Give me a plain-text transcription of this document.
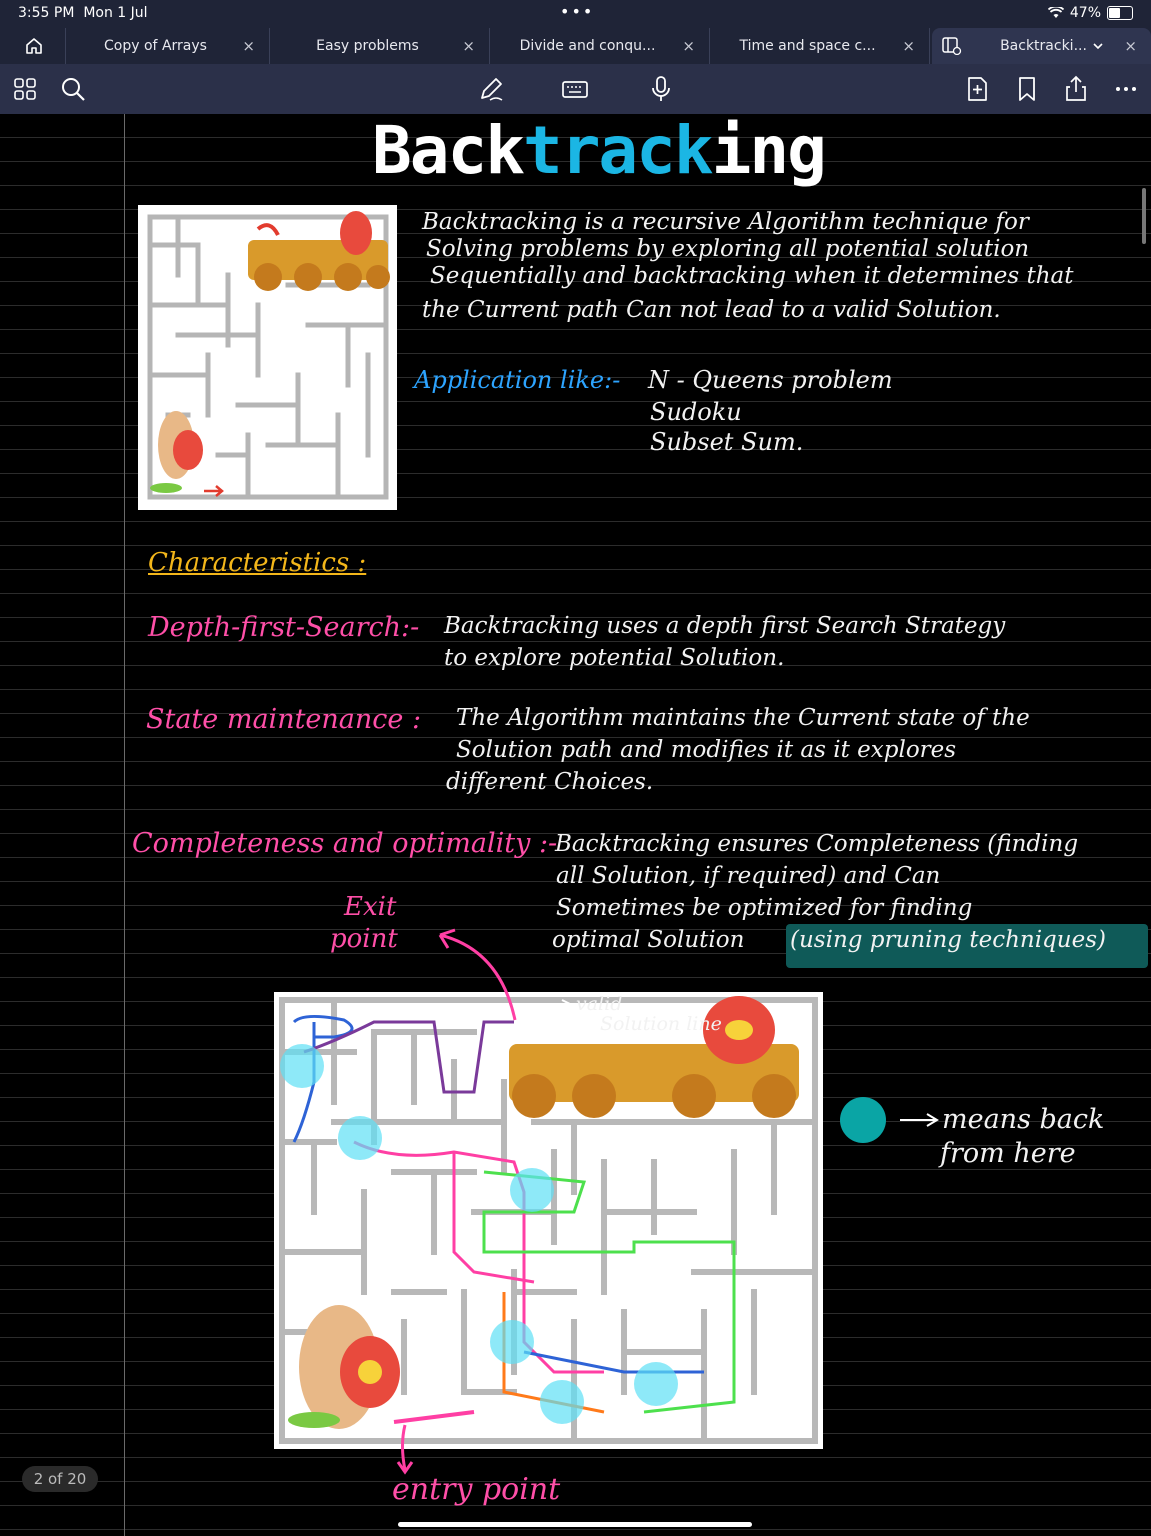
3:55 PM Mon 1 Jul	•••	47%
Copy of Arrays	×	Easy problems	×	Divide and conqu...	×	Time and space c...	×	Backtracki...	×
Backtracking
Backtracking is a recursive Algorithm technique for
Solving problems by exploring all potential solution
Sequentially and backtracking when it determines that
the Current path Can not lead to a valid Solution.
Application like:- N - Queens problem
Sudoku
Subset Sum.
Characteristics :
Depth-first-Search:- Backtracking uses a depth first Search Strategy
to explore potential Solution.
State maintenance : The Algorithm maintains the Current state of the
Solution path and modifies it as it explores
different Choices.
Completeness and optimality :-
Backtracking ensures Completeness (finding
all Solution, if required) and Can
Sometimes be optimized for finding
optimal Solution (using pruning techniques)
Exit
point
valid
Solution line
means back
from here
entry point
2 of 20
